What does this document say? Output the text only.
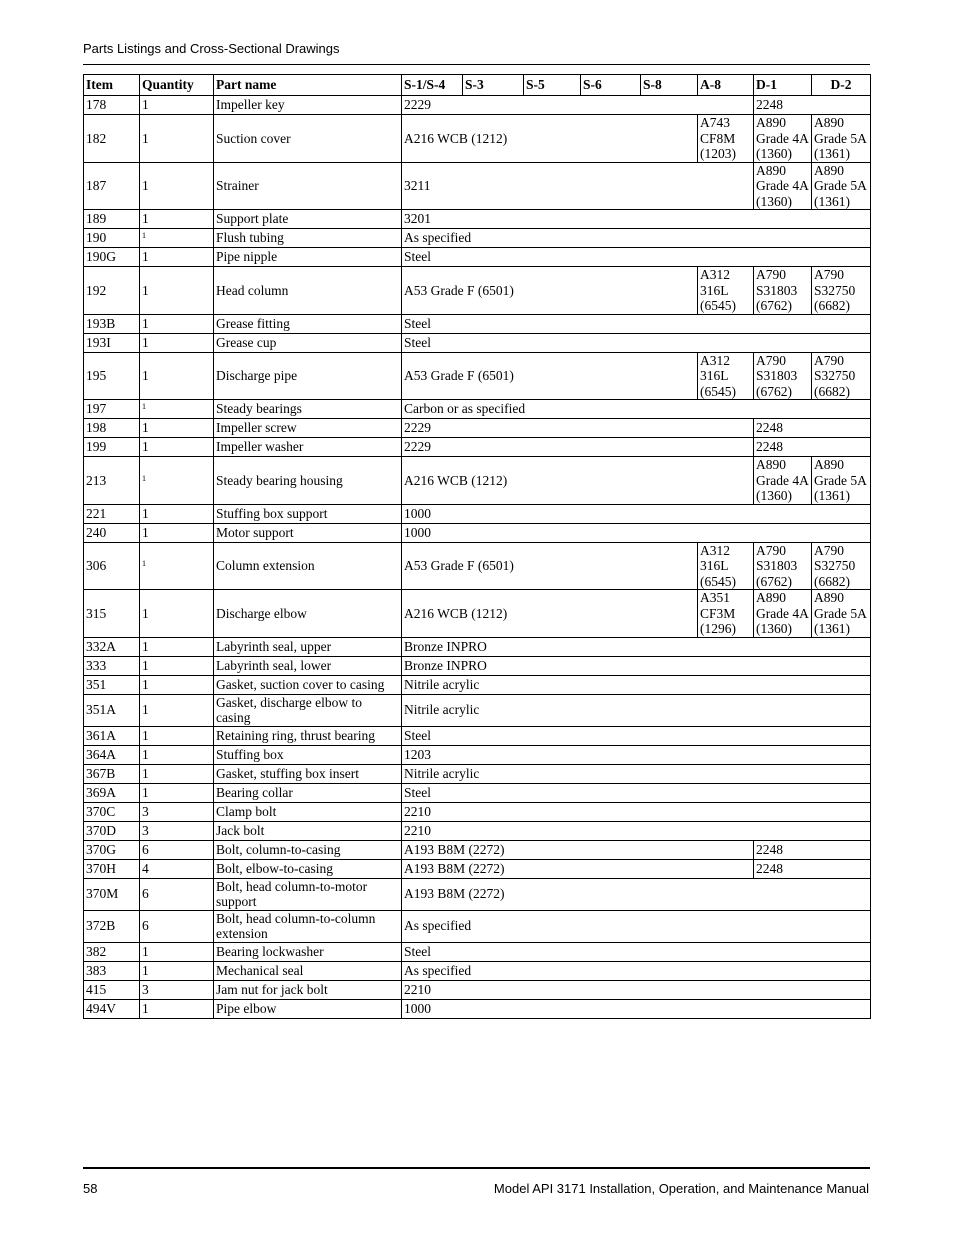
Parts Listings and Cross-Sectional Drawings
Item	Quantity	Part name	S-1/S-4	S-3	S-5	S-6	S-8	A-8	D-1	D-2
178	1	Impeller key	2229						2248	
182	1	Suction cover	A216 WCB (1212)					A743 CF8M (1203)	A890 Grade 4A (1360)	A890 Grade 5A (1361)
187	1	Strainer	3211						A890 Grade 4A (1360)	A890 Grade 5A (1361)
189	1	Support plate	3201							
190	$^1$	Flush tubing	As specified							
190G	1	Pipe nipple	Steel							
192	1	Head column	A53 Grade F (6501)					A312 316L (6545)	A790 S31803 (6762)	A790 S32750 (6682)
193B	1	Grease fitting	Steel							
193I	1	Grease cup	Steel							
195	1	Discharge pipe	A53 Grade F (6501)					A312 316L (6545)	A790 S31803 (6762)	A790 S32750 (6682)
197	$^1$	Steady bearings	Carbon or as specified							
198	1	Impeller screw	2229						2248	
199	1	Impeller washer	2229						2248	
213	$^1$	Steady bearing housing	A216 WCB (1212)						A890 Grade 4A (1360)	A890 Grade 5A (1361)
221	1	Stuffing box support	1000							
240	1	Motor support	1000							
306	$^1$	Column extension	A53 Grade F (6501)					A312 316L (6545)	A790 S31803 (6762)	A790 S32750 (6682)
315	1	Discharge elbow	A216 WCB (1212)					A351 CF3M (1296)	A890 Grade 4A (1360)	A890 Grade 5A (1361)
332A	1	Labyrinth seal, upper	Bronze INPRO							
333	1	Labyrinth seal, lower	Bronze INPRO							
351	1	Gasket, suction cover to casing	Nitrile acrylic							
351A	1	Gasket, discharge elbow to casing	Nitrile acrylic							
361A	1	Retaining ring, thrust bearing	Steel							
364A	1	Stuffing box	1203							
367B	1	Gasket, stuffing box insert	Nitrile acrylic							
369A	1	Bearing collar	Steel							
370C	3	Clamp bolt	2210							
370D	3	Jack bolt	2210							
370G	6	Bolt, column-to-casing	A193 B8M (2272)						2248	
370H	4	Bolt, elbow-to-casing	A193 B8M (2272)						2248	
370M	6	Bolt, head column-to-motor support	A193 B8M (2272)							
372B	6	Bolt, head column-to-column extension	As specified							
382	1	Bearing lockwasher	Steel							
383	1	Mechanical seal	As specified							
415	3	Jam nut for jack bolt	2210							
494V	1	Pipe elbow	1000							
58	Model API 3171 Installation, Operation, and Maintenance Manual
